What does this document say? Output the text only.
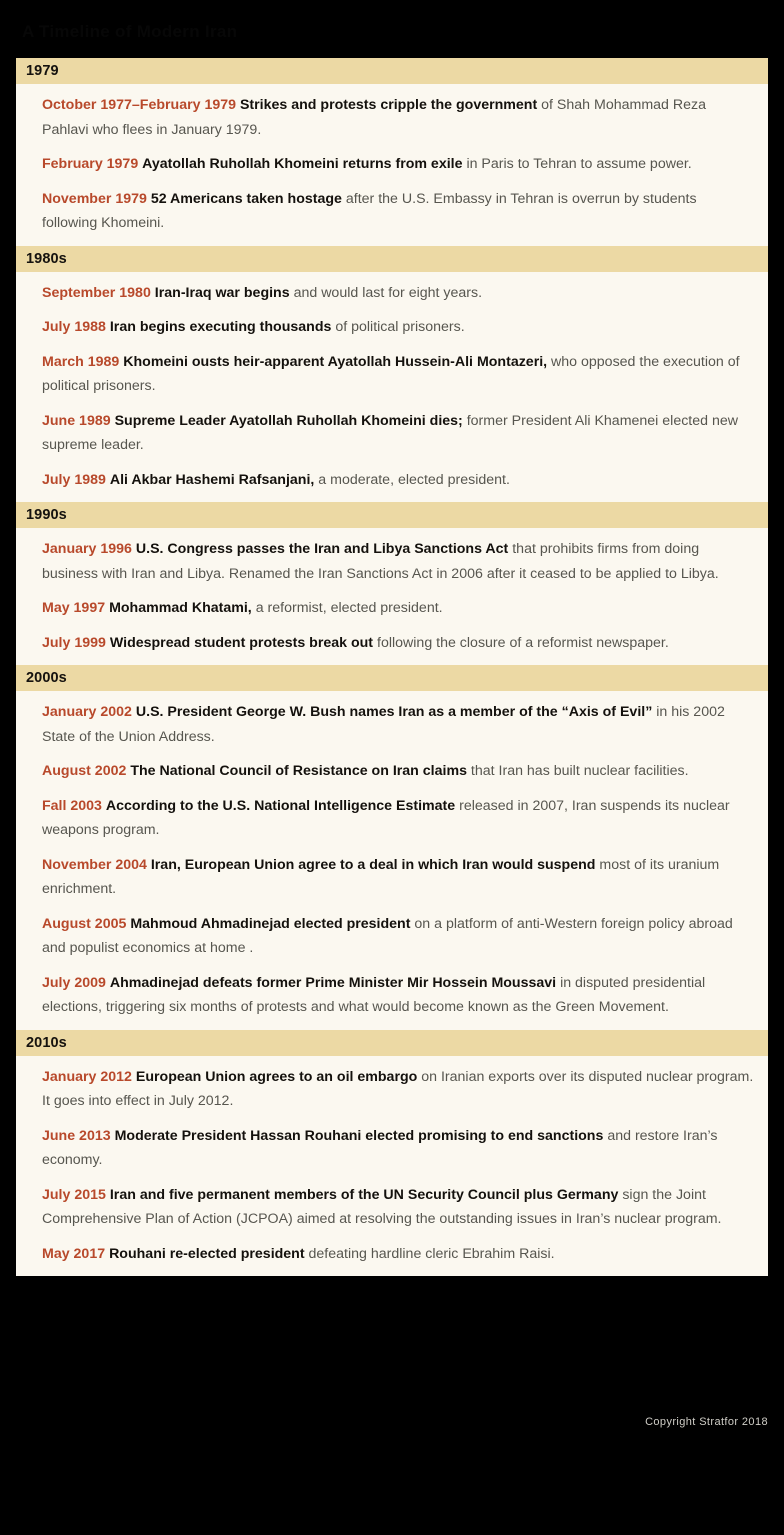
A Timeline of Modern Iran
1979

October 1977–February 1979 Strikes and protests cripple the government of Shah Mohammad Reza Pahlavi who flees in January 1979.

February 1979 Ayatollah Ruhollah Khomeini returns from exile in Paris to Tehran to assume power.

November 1979 52 Americans taken hostage after the U.S. Embassy in Tehran is overrun by students following Khomeini.

1980s

September 1980 Iran-Iraq war begins and would last for eight years.

July 1988 Iran begins executing thousands of political prisoners.

March 1989 Khomeini ousts heir-apparent Ayatollah Hussein-Ali Montazeri, who opposed the execution of political prisoners.

June 1989 Supreme Leader Ayatollah Ruhollah Khomeini dies; former President Ali Khamenei elected new supreme leader.

July 1989 Ali Akbar Hashemi Rafsanjani, a moderate, elected president.

1990s

January 1996 U.S. Congress passes the Iran and Libya Sanctions Act that prohibits firms from doing business with Iran and Libya. Renamed the Iran Sanctions Act in 2006 after it ceased to be applied to Libya.

May 1997 Mohammad Khatami, a reformist, elected president.

July 1999 Widespread student protests break out following the closure of a reformist newspaper.

2000s

January 2002 U.S. President George W. Bush names Iran as a member of the “Axis of Evil” in his 2002 State of the Union Address.

August 2002 The National Council of Resistance on Iran claims that Iran has built nuclear facilities.

Fall 2003 According to the U.S. National Intelligence Estimate released in 2007, Iran suspends its nuclear weapons program.

November 2004 Iran, European Union agree to a deal in which Iran would suspend most of its uranium enrichment.

August 2005 Mahmoud Ahmadinejad elected president on a platform of anti-Western foreign policy abroad and populist economics at home .

July 2009 Ahmadinejad defeats former Prime Minister Mir Hossein Moussavi in disputed presidential elections, triggering six months of protests and what would become known as the Green Movement.

2010s

January 2012 European Union agrees to an oil embargo on Iranian exports over its disputed nuclear program. It goes into effect in July 2012.

June 2013 Moderate President Hassan Rouhani elected promising to end sanctions and restore Iran’s economy.

July 2015 Iran and five permanent members of the UN Security Council plus Germany sign the Joint Comprehensive Plan of Action (JCPOA) aimed at resolving the outstanding issues in Iran’s nuclear program.

May 2017 Rouhani re-elected president defeating hardline cleric Ebrahim Raisi.

Copyright Stratfor 2018
